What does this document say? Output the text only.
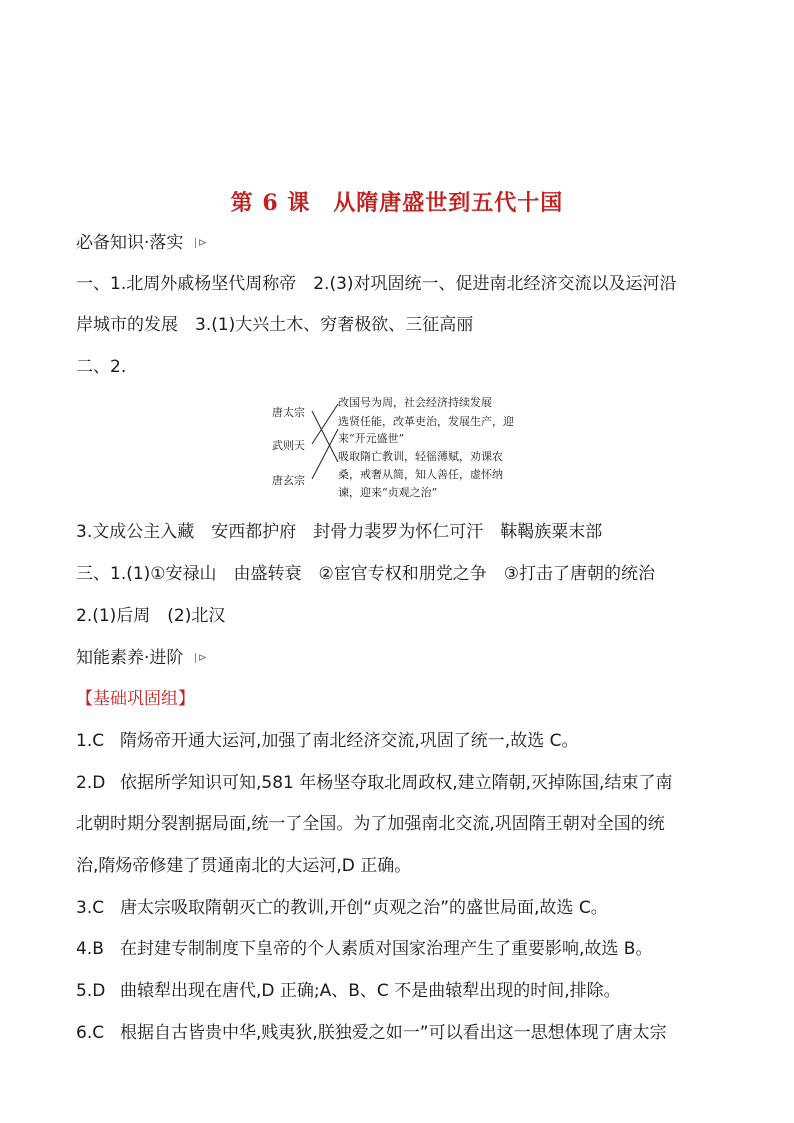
第 6 课　从隋唐盛世到五代十国
必备知识·落实 ⊳
一、1.北周外戚杨坚代周称帝　2.(3)对巩固统一、促进南北经济交流以及运河沿
岸城市的发展　3.(1)大兴土木、穷奢极欲、三征高丽
二、2.
唐太宗
武则天
唐玄宗
改国号为周，社会经济持续发展
选贤任能，改革吏治，发展生产，迎
来“开元盛世”
吸取隋亡教训，轻徭薄赋，劝课农
桑，戒奢从简，知人善任，虚怀纳
谏，迎来“贞观之治”
3.文成公主入藏　安西都护府　封骨力裴罗为怀仁可汗　靺鞨族粟末部
三、1.(1)①安禄山　由盛转衰　②宦官专权和朋党之争　③打击了唐朝的统治
2.(1)后周　(2)北汉
知能素养·进阶 ⊳
【基础巩固组】
1.C 隋炀帝开通大运河,加强了南北经济交流,巩固了统一,故选 C。
2.D 依据所学知识可知,581 年杨坚夺取北周政权,建立隋朝,灭掉陈国,结束了南
北朝时期分裂割据局面,统一了全国。为了加强南北交流,巩固隋王朝对全国的统
治,隋炀帝修建了贯通南北的大运河,D 正确。
3.C 唐太宗吸取隋朝灭亡的教训,开创“贞观之治”的盛世局面,故选 C。
4.B 在封建专制制度下皇帝的个人素质对国家治理产生了重要影响,故选 B。
5.D 曲辕犁出现在唐代,D 正确;A、B、C 不是曲辕犁出现的时间,排除。
6.C 根据自古皆贵中华,贱夷狄,朕独爱之如一”可以看出这一思想体现了唐太宗
